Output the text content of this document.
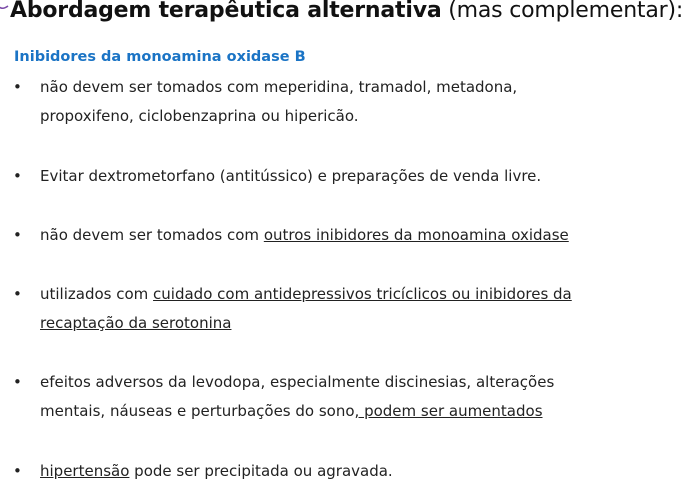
Abordagem terapêutica alternativa (mas complementar):
Inibidores da monoamina oxidase B
• não devem ser tomados com meperidina, tramadol, metadona,
propoxifeno, ciclobenzaprina ou hipericão.
• Evitar dextrometorfano (antitússico) e preparações de venda livre.
• não devem ser tomados com outros inibidores da monoamina oxidase
• utilizados com cuidado com antidepressivos tricíclicos ou inibidores da
recaptação da serotonina
• efeitos adversos da levodopa, especialmente discinesias, alterações
mentais, náuseas e perturbações do sono, podem ser aumentados
• hipertensão pode ser precipitada ou agravada.
